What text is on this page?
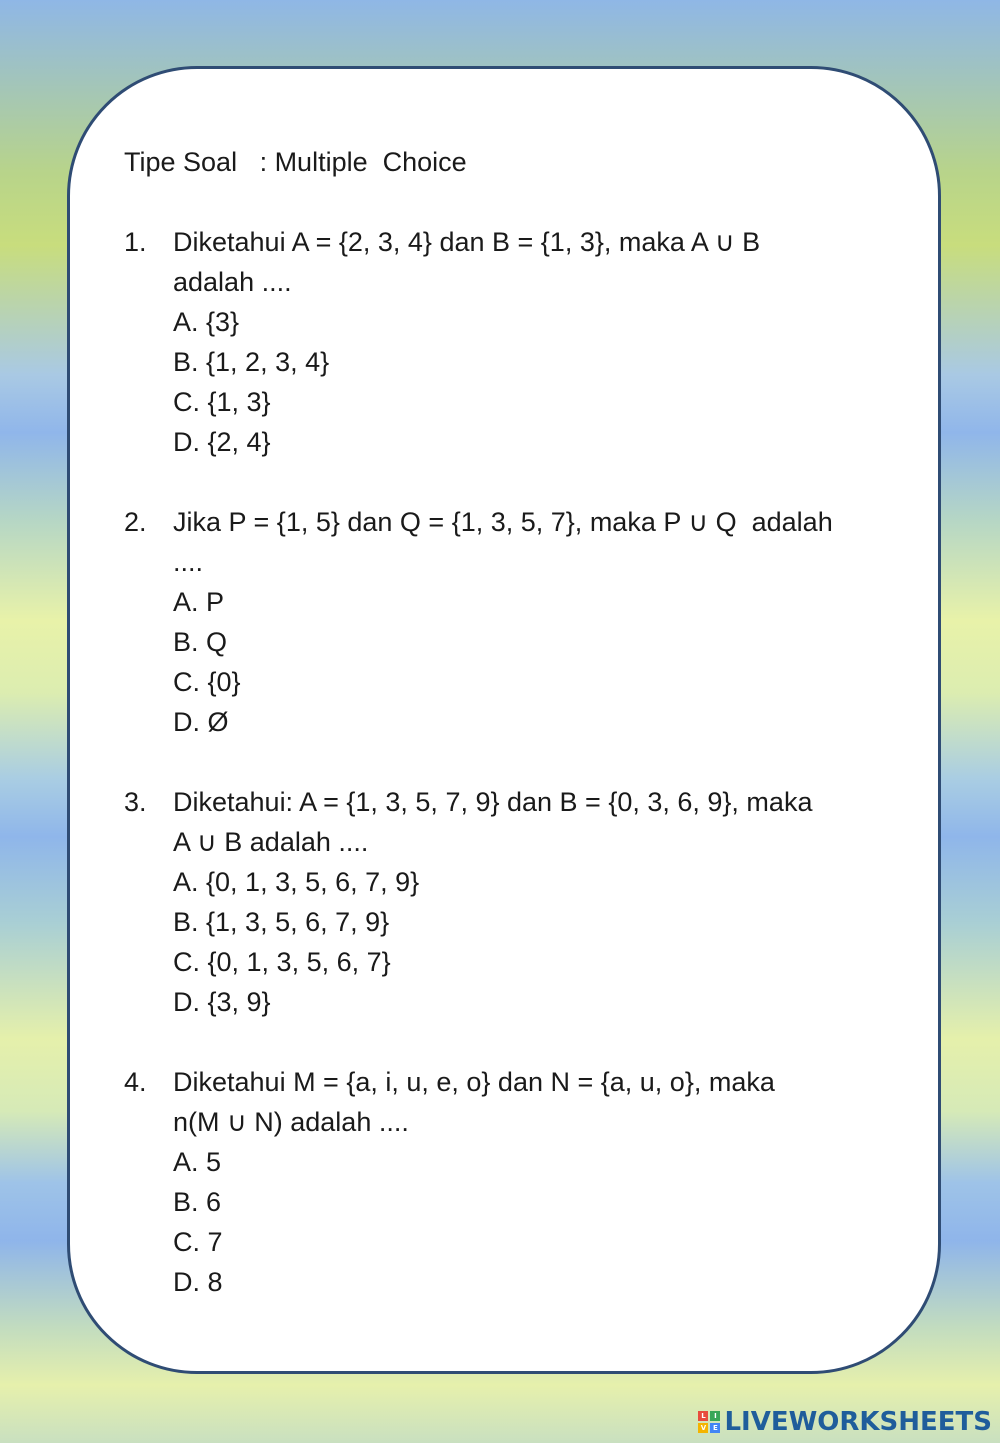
Tipe Soal   : Multiple  Choice
1. Diketahui A = {2, 3, 4} dan B = {1, 3}, maka A ∪ B
adalah ....
A. {3}
B. {1, 2, 3, 4}
C. {1, 3}
D. {2, 4}
2. Jika P = {1, 5} dan Q = {1, 3, 5, 7}, maka P ∪ Q  adalah
....
A. P
B. Q
C. {0}
D. Ø
3. Diketahui: A = {1, 3, 5, 7, 9} dan B = {0, 3, 6, 9}, maka
A ∪ B adalah ....
A. {0, 1, 3, 5, 6, 7, 9}
B. {1, 3, 5, 6, 7, 9}
C. {0, 1, 3, 5, 6, 7}
D. {3, 9}
4. Diketahui M = {a, i, u, e, o} dan N = {a, u, o}, maka
n(M ∪ N) adalah ....
A. 5
B. 6
C. 7
D. 8
L	I
V E LIVEWORKSHEETS
